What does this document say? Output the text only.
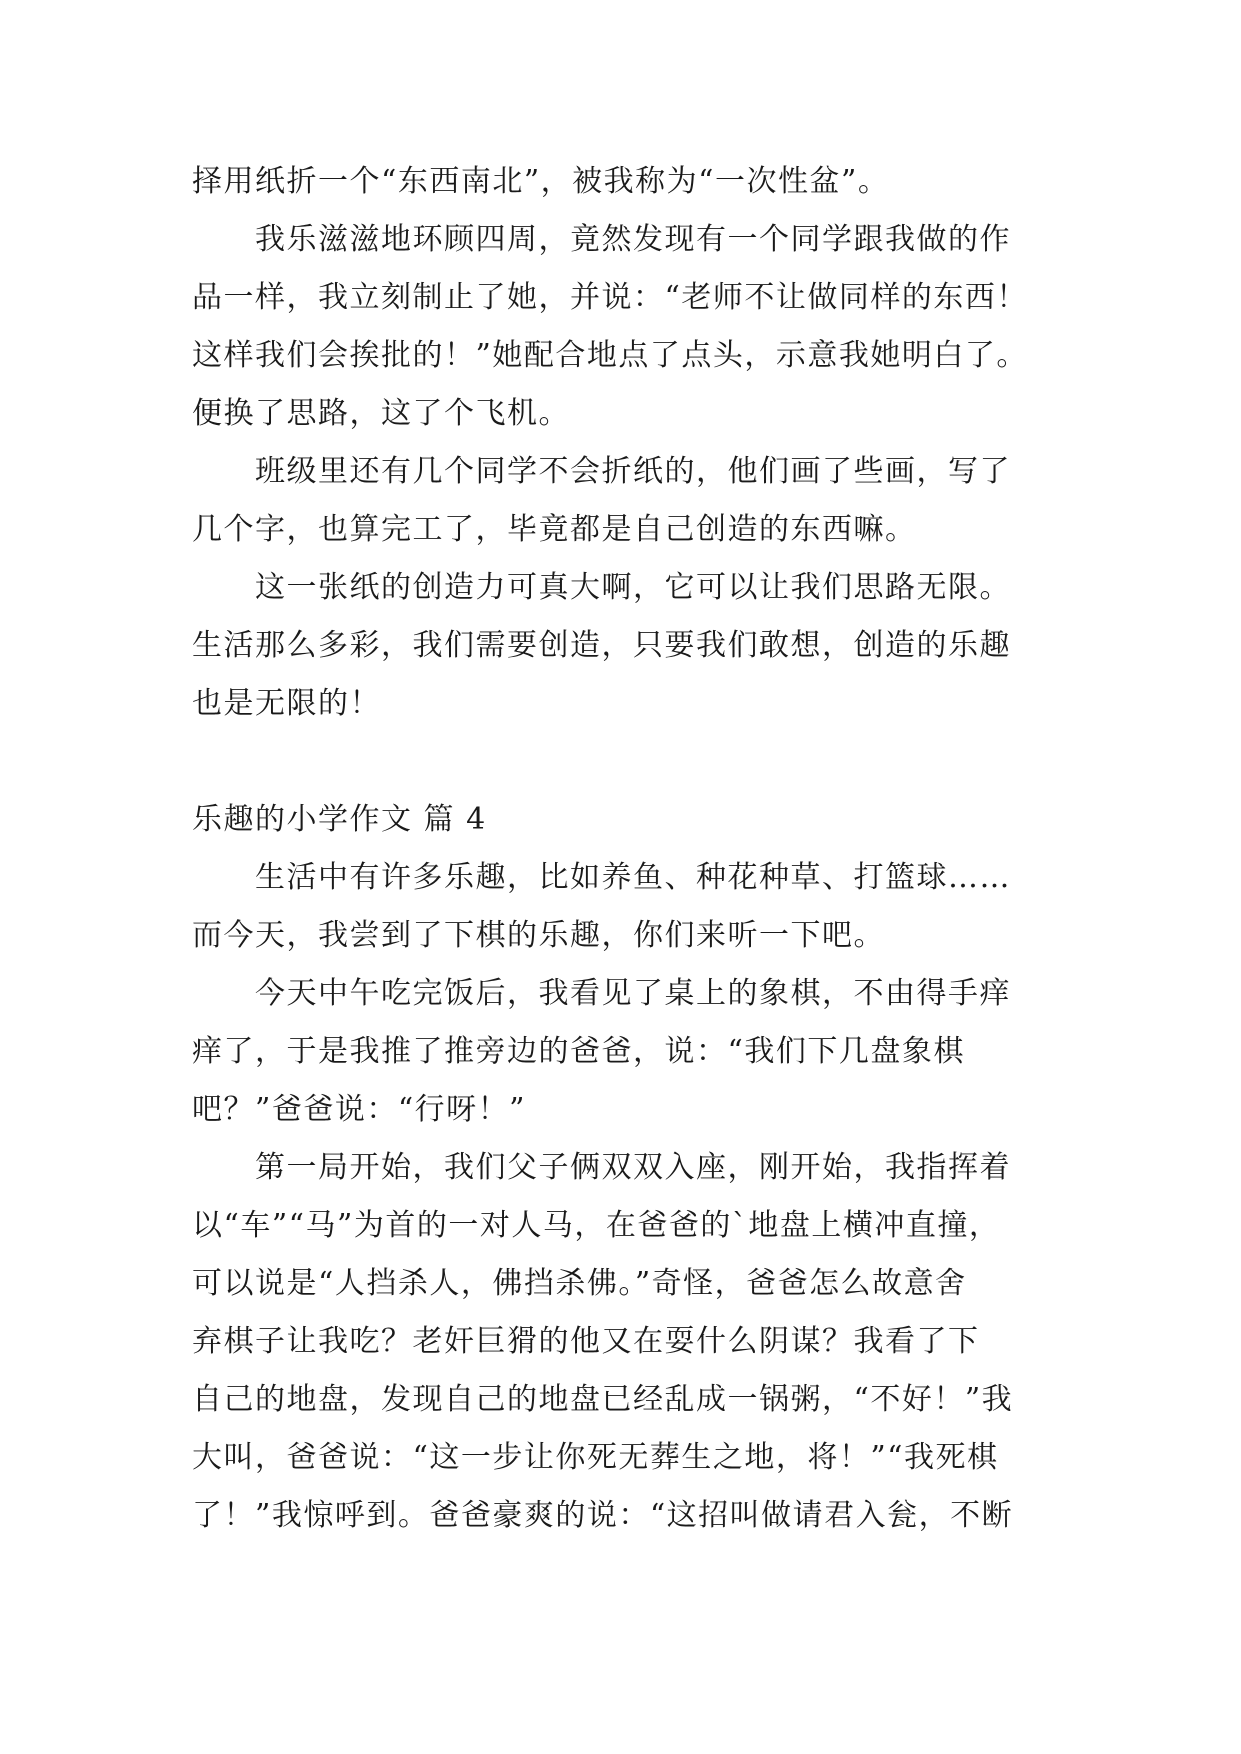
择用纸折一个“东西南北”，被我称为“一次性盆”。
我乐滋滋地环顾四周，竟然发现有一个同学跟我做的作
品一样，我立刻制止了她，并说：“老师不让做同样的东西！
这样我们会挨批的！”她配合地点了点头，示意我她明白了。
便换了思路，这了个飞机。
班级里还有几个同学不会折纸的，他们画了些画，写了
几个字，也算完工了，毕竟都是自己创造的东西嘛。
这一张纸的创造力可真大啊，它可以让我们思路无限。
生活那么多彩，我们需要创造，只要我们敢想，创造的乐趣
也是无限的！
乐趣的小学作文 篇 4
生活中有许多乐趣，比如养鱼、种花种草、打篮球……
而今天，我尝到了下棋的乐趣，你们来听一下吧。
今天中午吃完饭后，我看见了桌上的象棋，不由得手痒
痒了，于是我推了推旁边的爸爸，说：“我们下几盘象棋
吧？”爸爸说：“行呀！”
第一局开始，我们父子俩双双入座，刚开始，我指挥着
以“车”“马”为首的一对人马，在爸爸的`地盘上横冲直撞，
可以说是“人挡杀人，佛挡杀佛。”奇怪，爸爸怎么故意舍
弃棋子让我吃？老奸巨猾的他又在耍什么阴谋？我看了下
自己的地盘，发现自己的地盘已经乱成一锅粥，“不好！”我
大叫，爸爸说：“这一步让你死无葬生之地，将！”“我死棋
了！”我惊呼到。爸爸豪爽的说：“这招叫做请君入瓮，不断
